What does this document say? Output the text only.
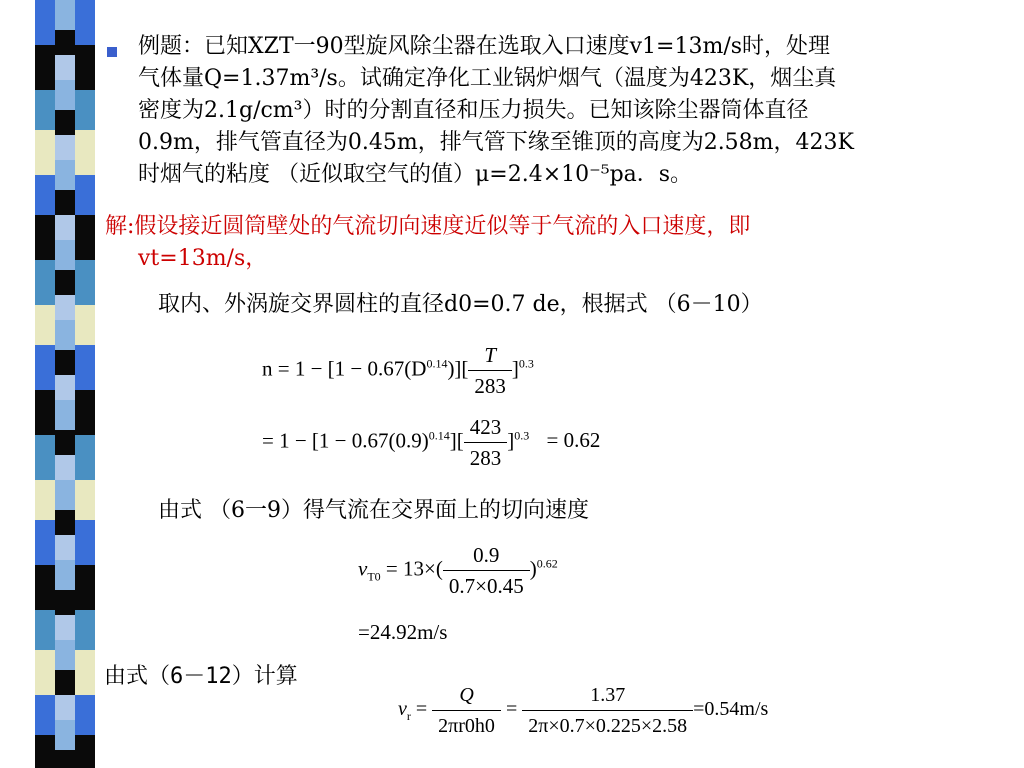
例题：已知XZT一90型旋风除尘器在选取入口速度v1=13m/s时，处理
气体量Q=1.37m³/s。试确定净化工业锅炉烟气（温度为423K，烟尘真
密度为2.1g/cm³）时的分割直径和压力损失。已知该除尘器筒体直径
0.9m，排气管直径为0.45m，排气管下缘至锥顶的高度为2.58m，423K
时烟气的粘度 （近似取空气的值）μ=2.4×10⁻⁵pa．s。
解:假设接近圆筒壁处的气流切向速度近似等于气流的入口速度，即
vt=13m/s，
取内、外涡旋交界圆柱的直径d0=0.7 de，根据式 （6－10）
$n = 1 - [1 - 0.67(D^{0.14})][ \frac{T}{283} ]^{0.3}$
= $1 - [1 - 0.67(0.9)^{0.14}][ \frac{423}{283} ]^{0.3} = 0.62$
由式 （6一9）得气流在交界面上的切向速度
$v_{T0} = 13\times( \frac{0.9}{0.7\times 0.45} )^{0.62}$
=24.92m/s
由式（6－12）计算
$v_r = \frac{Q}{2\pi r0h0} = \frac{1.37}{2\pi\times 0.7\times 0.225\times 2.58} =0.54m/s$
